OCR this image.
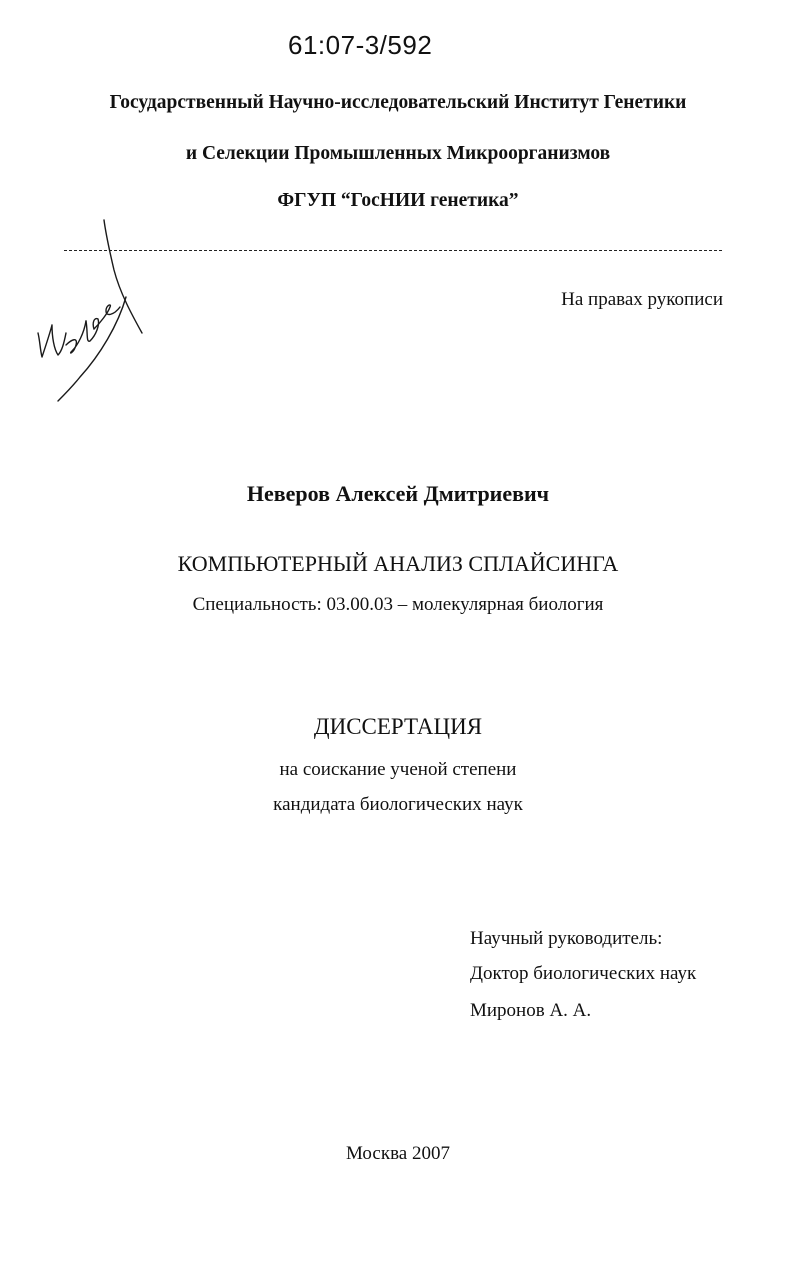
61:07-3/592
Государственный Научно-исследовательский Институт Генетики
и Селекции Промышленных Микроорганизмов
ФГУП “ГосНИИ генетика”
На правах рукописи
Неверов Алексей Дмитриевич
КОМПЬЮТЕРНЫЙ АНАЛИЗ СПЛАЙСИНГА
Специальность: 03.00.03 – молекулярная биология
ДИССЕРТАЦИЯ
на соискание ученой степени
кандидата биологических наук
Научный руководитель:
Доктор биологических наук
Миронов А. А.
Москва 2007
